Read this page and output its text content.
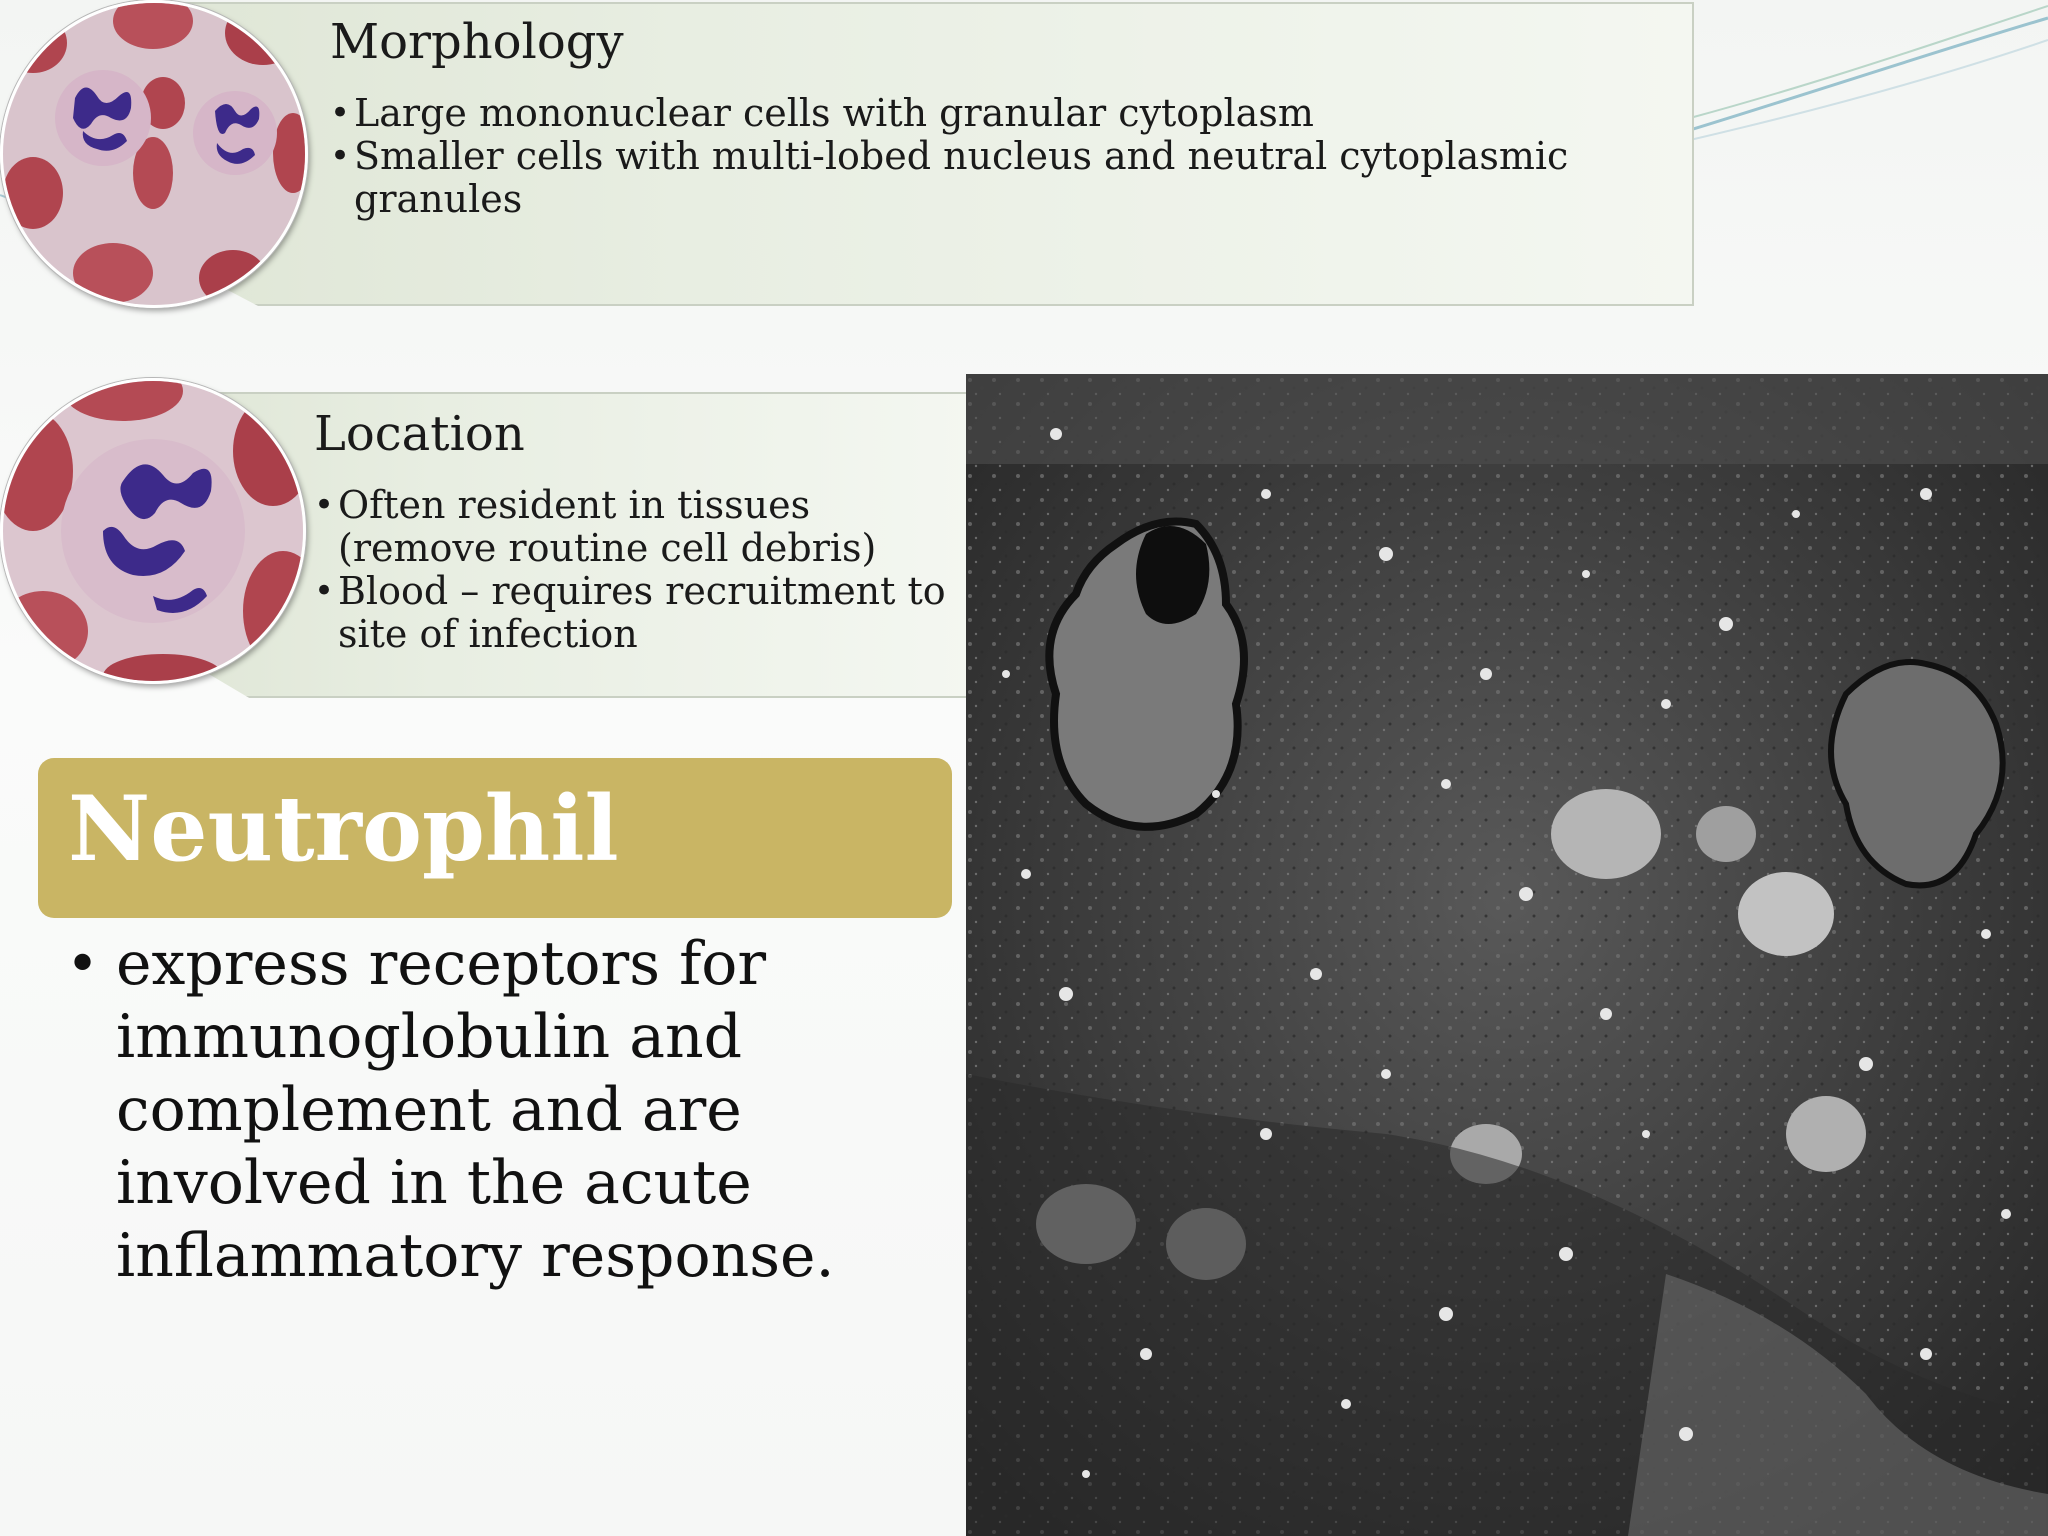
Morphology
• Large mononuclear cells with granular cytoplasm
• Smaller cells with multi-lobed nucleus and neutral cytoplasmic granules
Location
• Often resident in tissues (remove routine cell debris)
• Blood – requires recruitment to site of infection
Neutrophil
• express receptors for immunoglobulin and complement and are involved in the acute inflammatory response.
